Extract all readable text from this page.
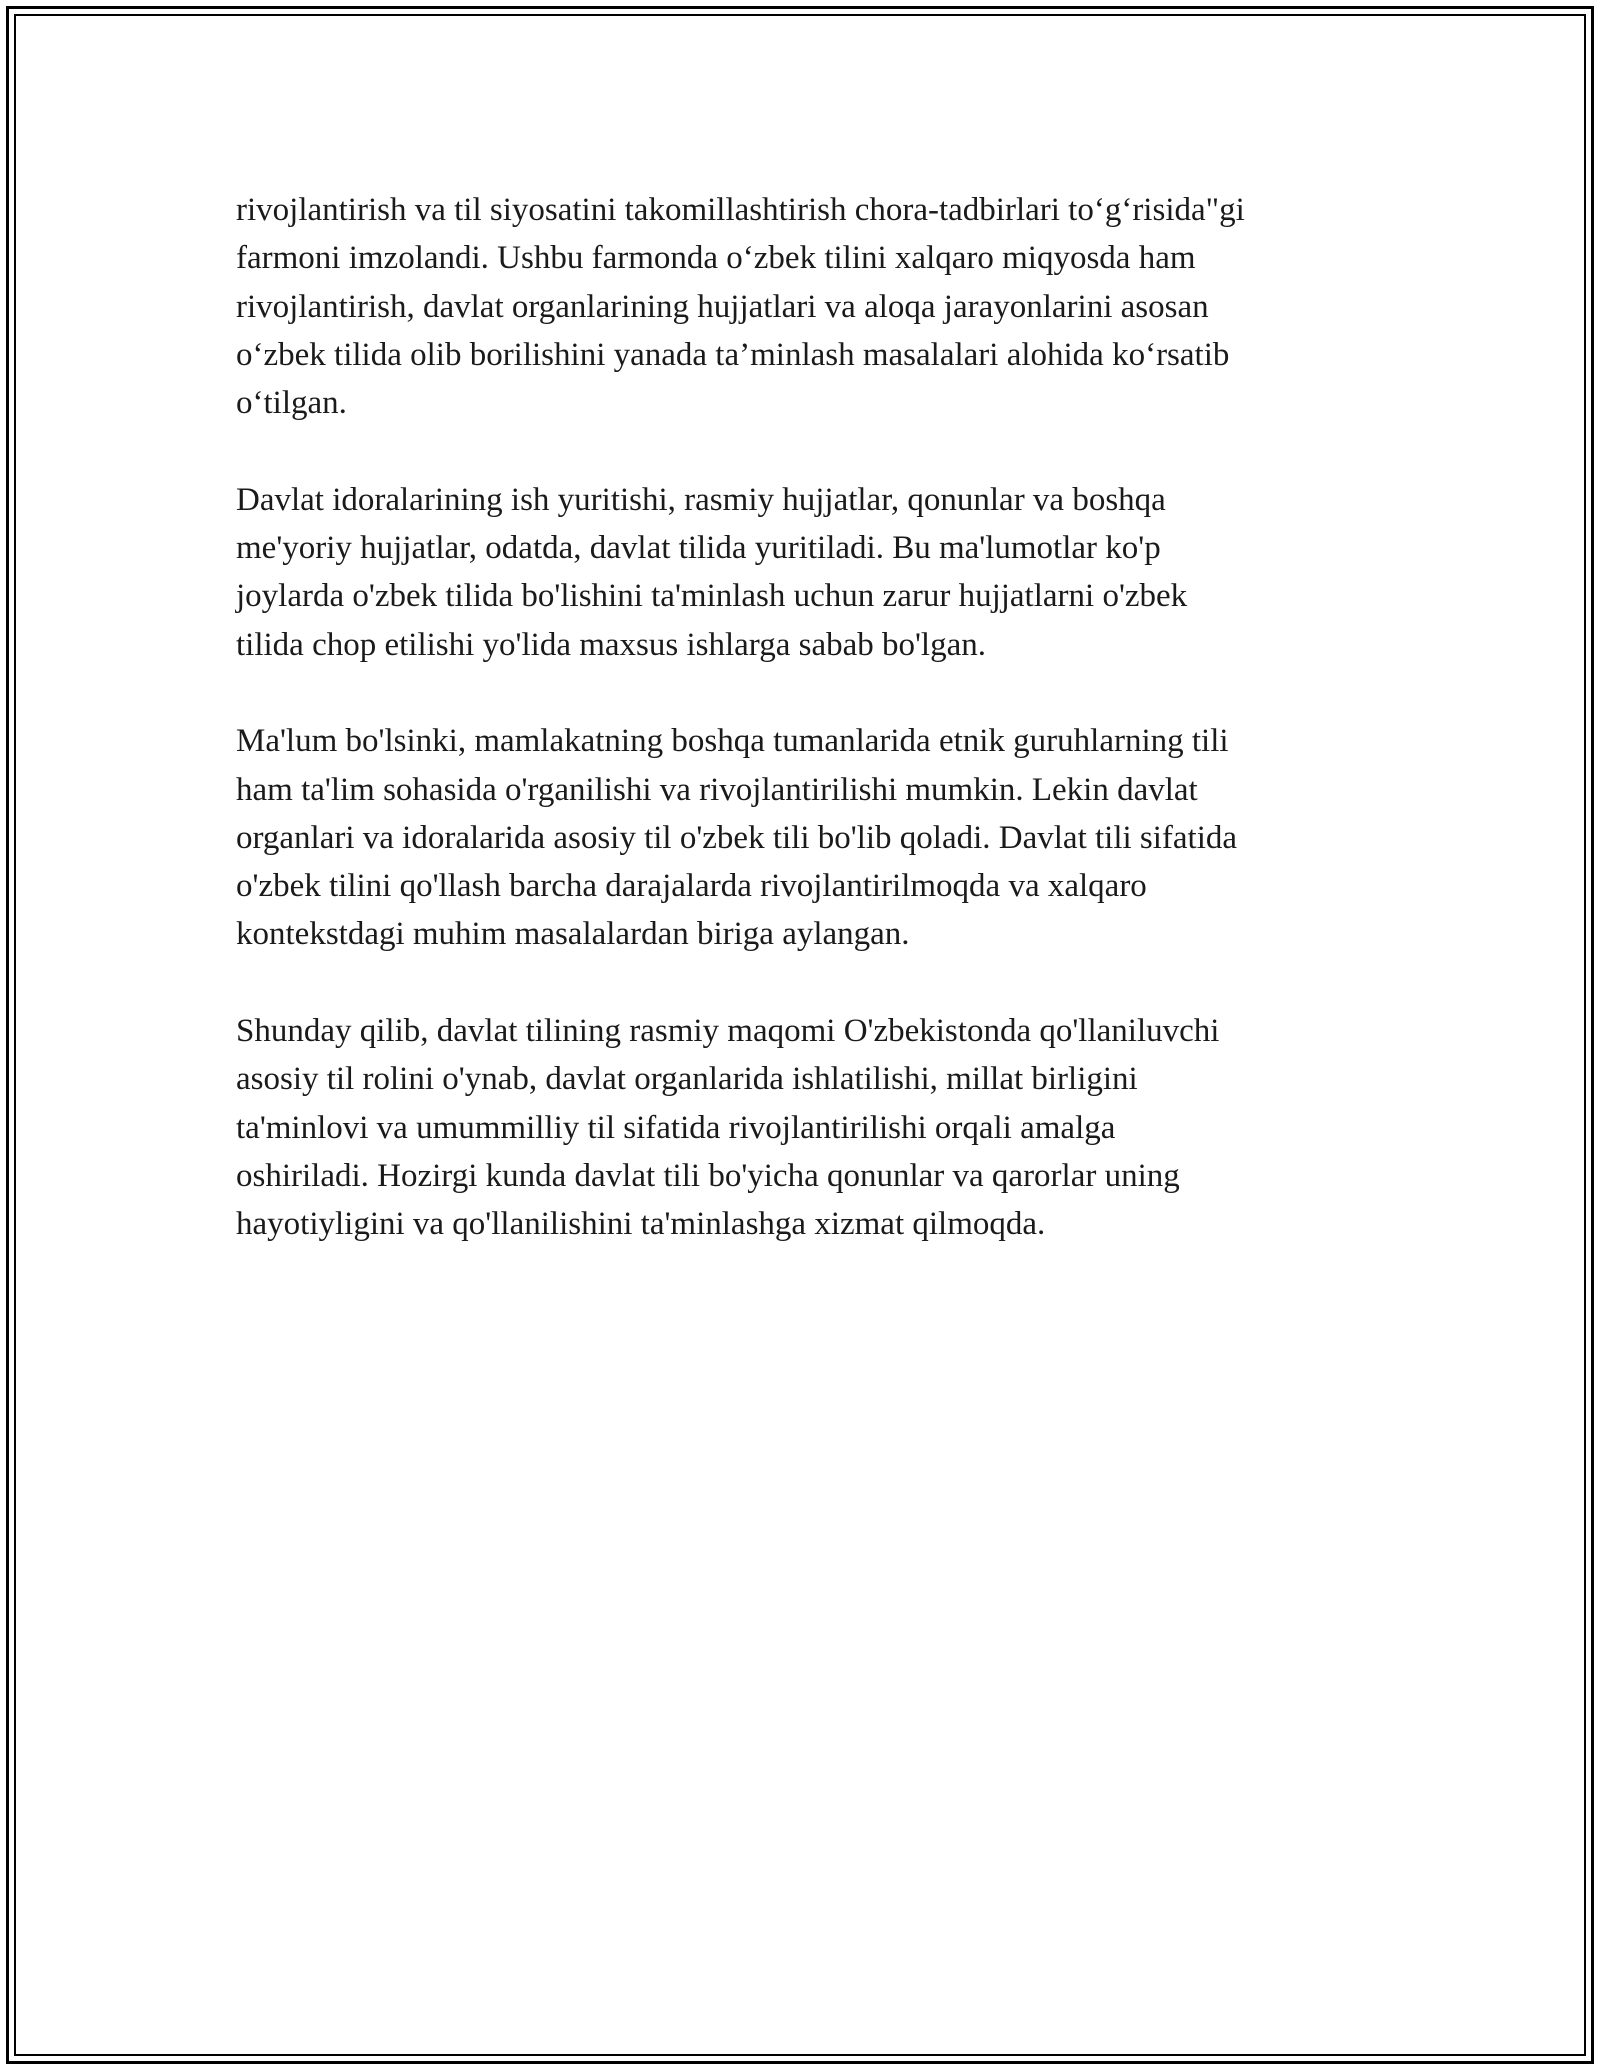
rivojlantirish va til siyosatini takomillashtirish chora-tadbirlari to‘g‘risida"gi
farmoni imzolandi. Ushbu farmonda o‘zbek tilini xalqaro miqyosda ham
rivojlantirish, davlat organlarining hujjatlari va aloqa jarayonlarini asosan
o‘zbek tilida olib borilishini yanada ta’minlash masalalari alohida ko‘rsatib
o‘tilgan.

Davlat idoralarining ish yuritishi, rasmiy hujjatlar, qonunlar va boshqa
me'yoriy hujjatlar, odatda, davlat tilida yuritiladi. Bu ma'lumotlar ko'p
joylarda o'zbek tilida bo'lishini ta'minlash uchun zarur hujjatlarni o'zbek
tilida chop etilishi yo'lida maxsus ishlarga sabab bo'lgan.

Ma'lum bo'lsinki, mamlakatning boshqa tumanlarida etnik guruhlarning tili
ham ta'lim sohasida o'rganilishi va rivojlantirilishi mumkin. Lekin davlat
organlari va idoralarida asosiy til o'zbek tili bo'lib qoladi. Davlat tili sifatida
o'zbek tilini qo'llash barcha darajalarda rivojlantirilmoqda va xalqaro
kontekstdagi muhim masalalardan biriga aylangan.

Shunday qilib, davlat tilining rasmiy maqomi O'zbekistonda qo'llaniluvchi
asosiy til rolini o'ynab, davlat organlarida ishlatilishi, millat birligini
ta'minlovi va umummilliy til sifatida rivojlantirilishi orqali amalga
oshiriladi. Hozirgi kunda davlat tili bo'yicha qonunlar va qarorlar uning
hayotiyligini va qo'llanilishini ta'minlashga xizmat qilmoqda.
